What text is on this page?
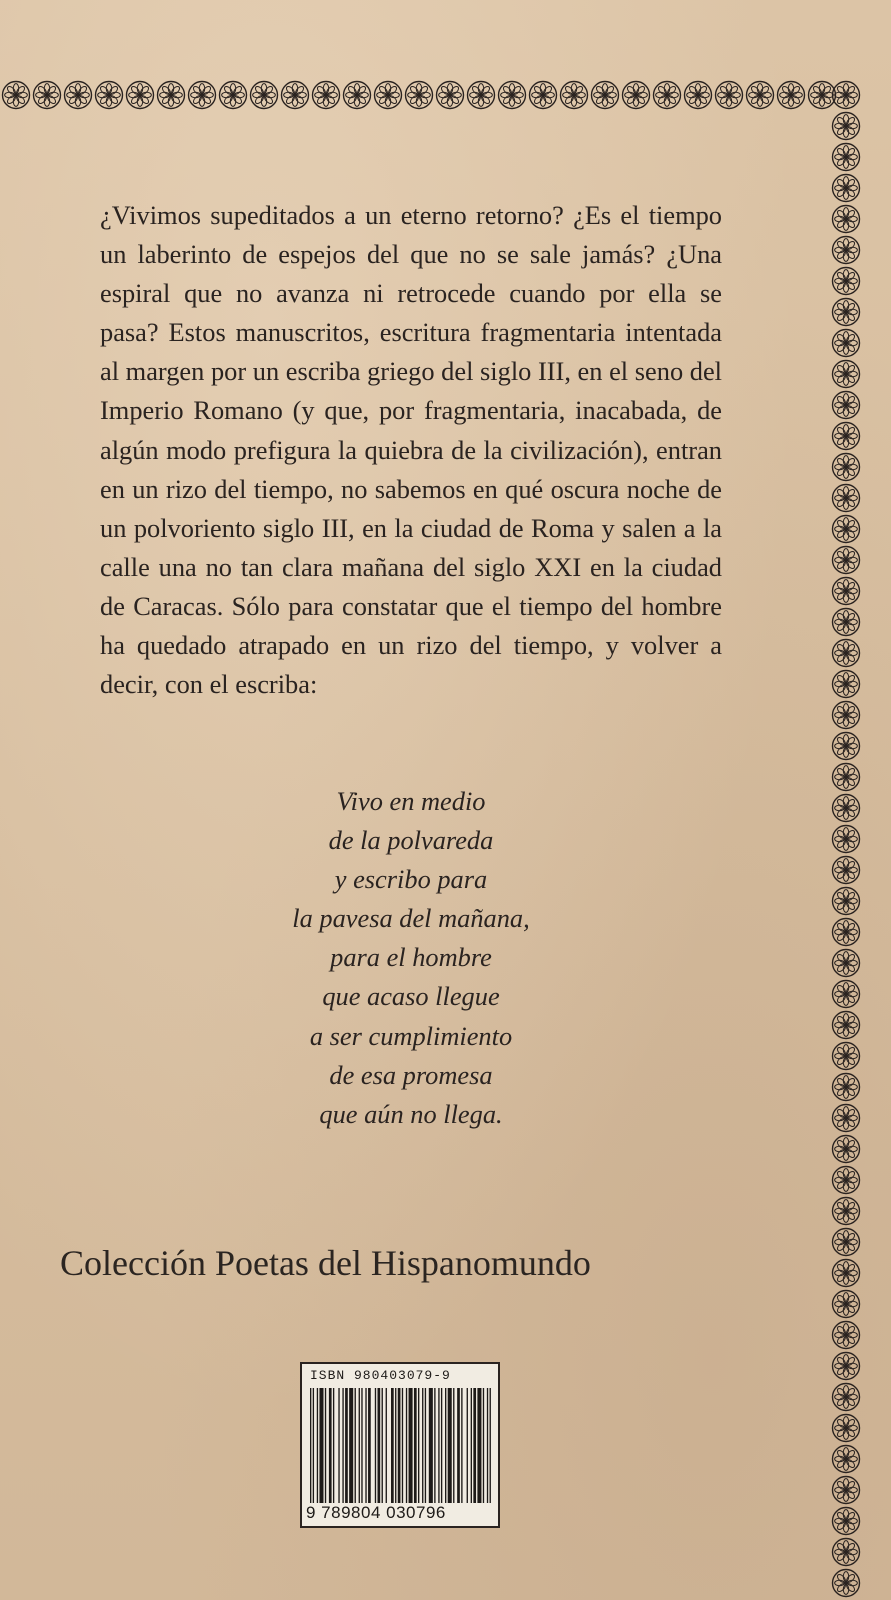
¿Vivimos supeditados a un eterno retorno? ¿Es el tiempo un laberinto de espejos del que no se sale jamás? ¿Una espiral que no avanza ni retrocede cuando por ella se pasa? Estos manuscritos, escritura fragmentaria intentada al margen por un escriba griego del siglo III, en el seno del Imperio Romano (y que, por fragmentaria, inacabada, de algún modo prefigura la quiebra de la civilización), entran en un rizo del tiempo, no sabemos en qué oscura noche de un polvoriento siglo III, en la ciudad de Roma y salen a la calle una no tan clara mañana del siglo XXI en la ciudad de Caracas. Sólo para constatar que el tiempo del hombre ha quedado atrapado en un rizo del tiempo, y volver a decir, con el escriba:

Vivo en medio
de la polvareda
y escribo para
la pavesa del mañana,
para el hombre
que acaso llegue
a ser cumplimiento
de esa promesa
que aún no llega.
Colección Poetas del Hispanomundo
ISBN 980403079-9
9 789804 030796
